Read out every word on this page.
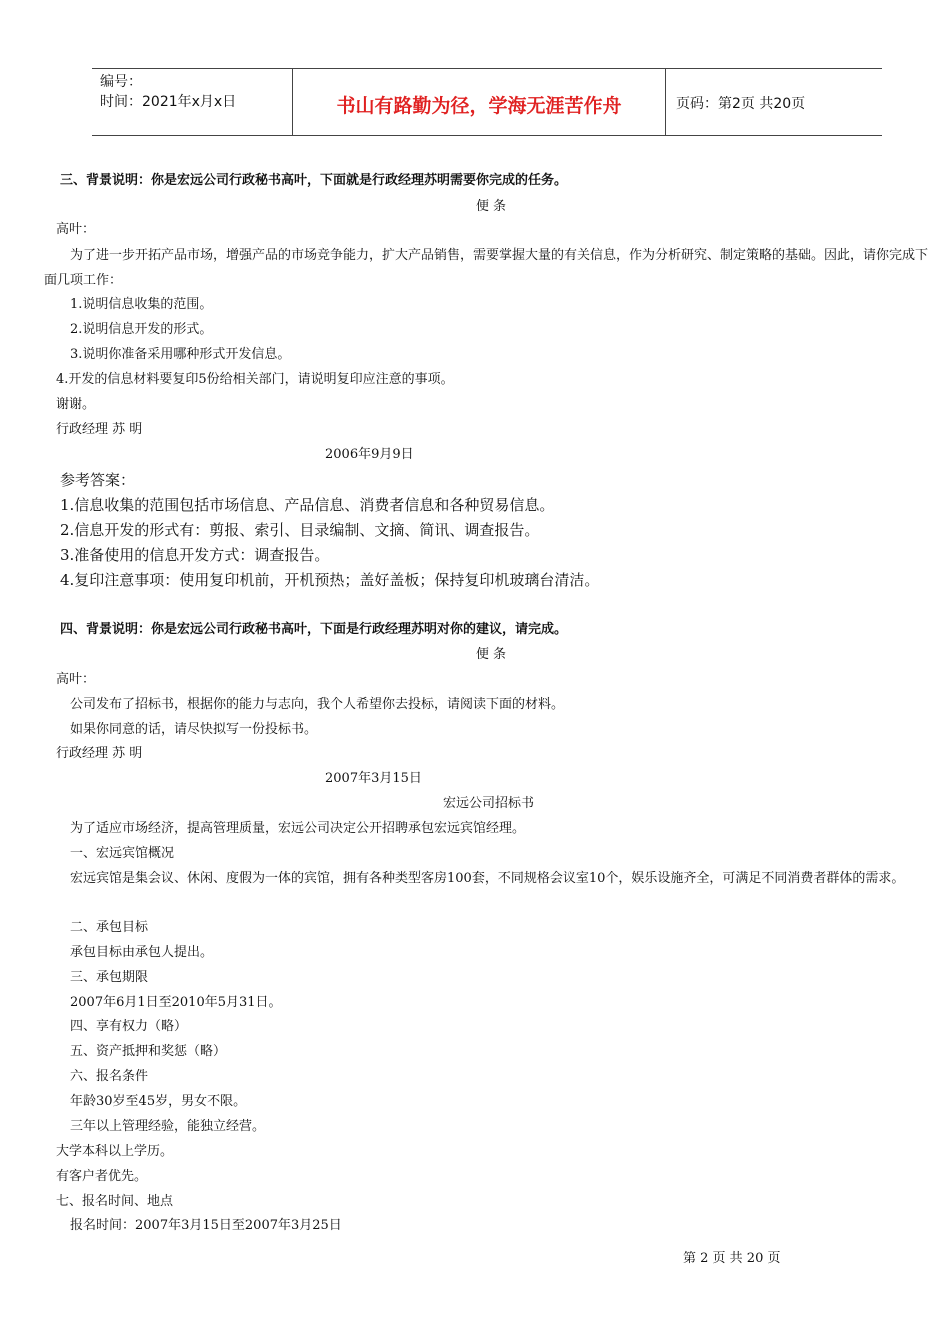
编号：
时间：2021年x月x日	书山有路勤为径，学海无涯苦作舟	页码：第2页 共20页
三、背景说明：你是宏远公司行政秘书高叶，下面就是行政经理苏明需要你完成的任务。
便 条
高叶：
为了进一步开拓产品市场，增强产品的市场竞争能力，扩大产品销售，需要掌握大量的有关信息，作为分析研究、制定策略的基础。因此，请你完成下面几项工作：
1.说明信息收集的范围。
2.说明信息开发的形式。
3.说明你准备采用哪种形式开发信息。
4.开发的信息材料要复印5份给相关部门，请说明复印应注意的事项。
谢谢。
行政经理 苏 明
2006年9月9日
参考答案：
1.信息收集的范围包括市场信息、产品信息、消费者信息和各种贸易信息。
2.信息开发的形式有：剪报、索引、目录编制、文摘、简讯、调查报告。
3.准备使用的信息开发方式：调查报告。
4.复印注意事项：使用复印机前，开机预热；盖好盖板；保持复印机玻璃台清洁。
四、背景说明：你是宏远公司行政秘书高叶，下面是行政经理苏明对你的建议，请完成。
便 条
高叶：
公司发布了招标书，根据你的能力与志向，我个人希望你去投标，请阅读下面的材料。
如果你同意的话，请尽快拟写一份投标书。
行政经理 苏 明
2007年3月15日
宏远公司招标书
为了适应市场经济，提高管理质量，宏远公司决定公开招聘承包宏远宾馆经理。
一、宏远宾馆概况
宏远宾馆是集会议、休闲、度假为一体的宾馆，拥有各种类型客房100套，不同规格会议室10个，娱乐设施齐全，可满足不同消费者群体的需求。
二、承包目标
承包目标由承包人提出。
三、承包期限
2007年6月1日至2010年5月31日。
四、享有权力（略）
五、资产抵押和奖惩（略）
六、报名条件
年龄30岁至45岁，男女不限。
三年以上管理经验，能独立经营。
大学本科以上学历。
有客户者优先。
七、报名时间、地点
报名时间：2007年3月15日至2007年3月25日
第 2 页 共 20 页
